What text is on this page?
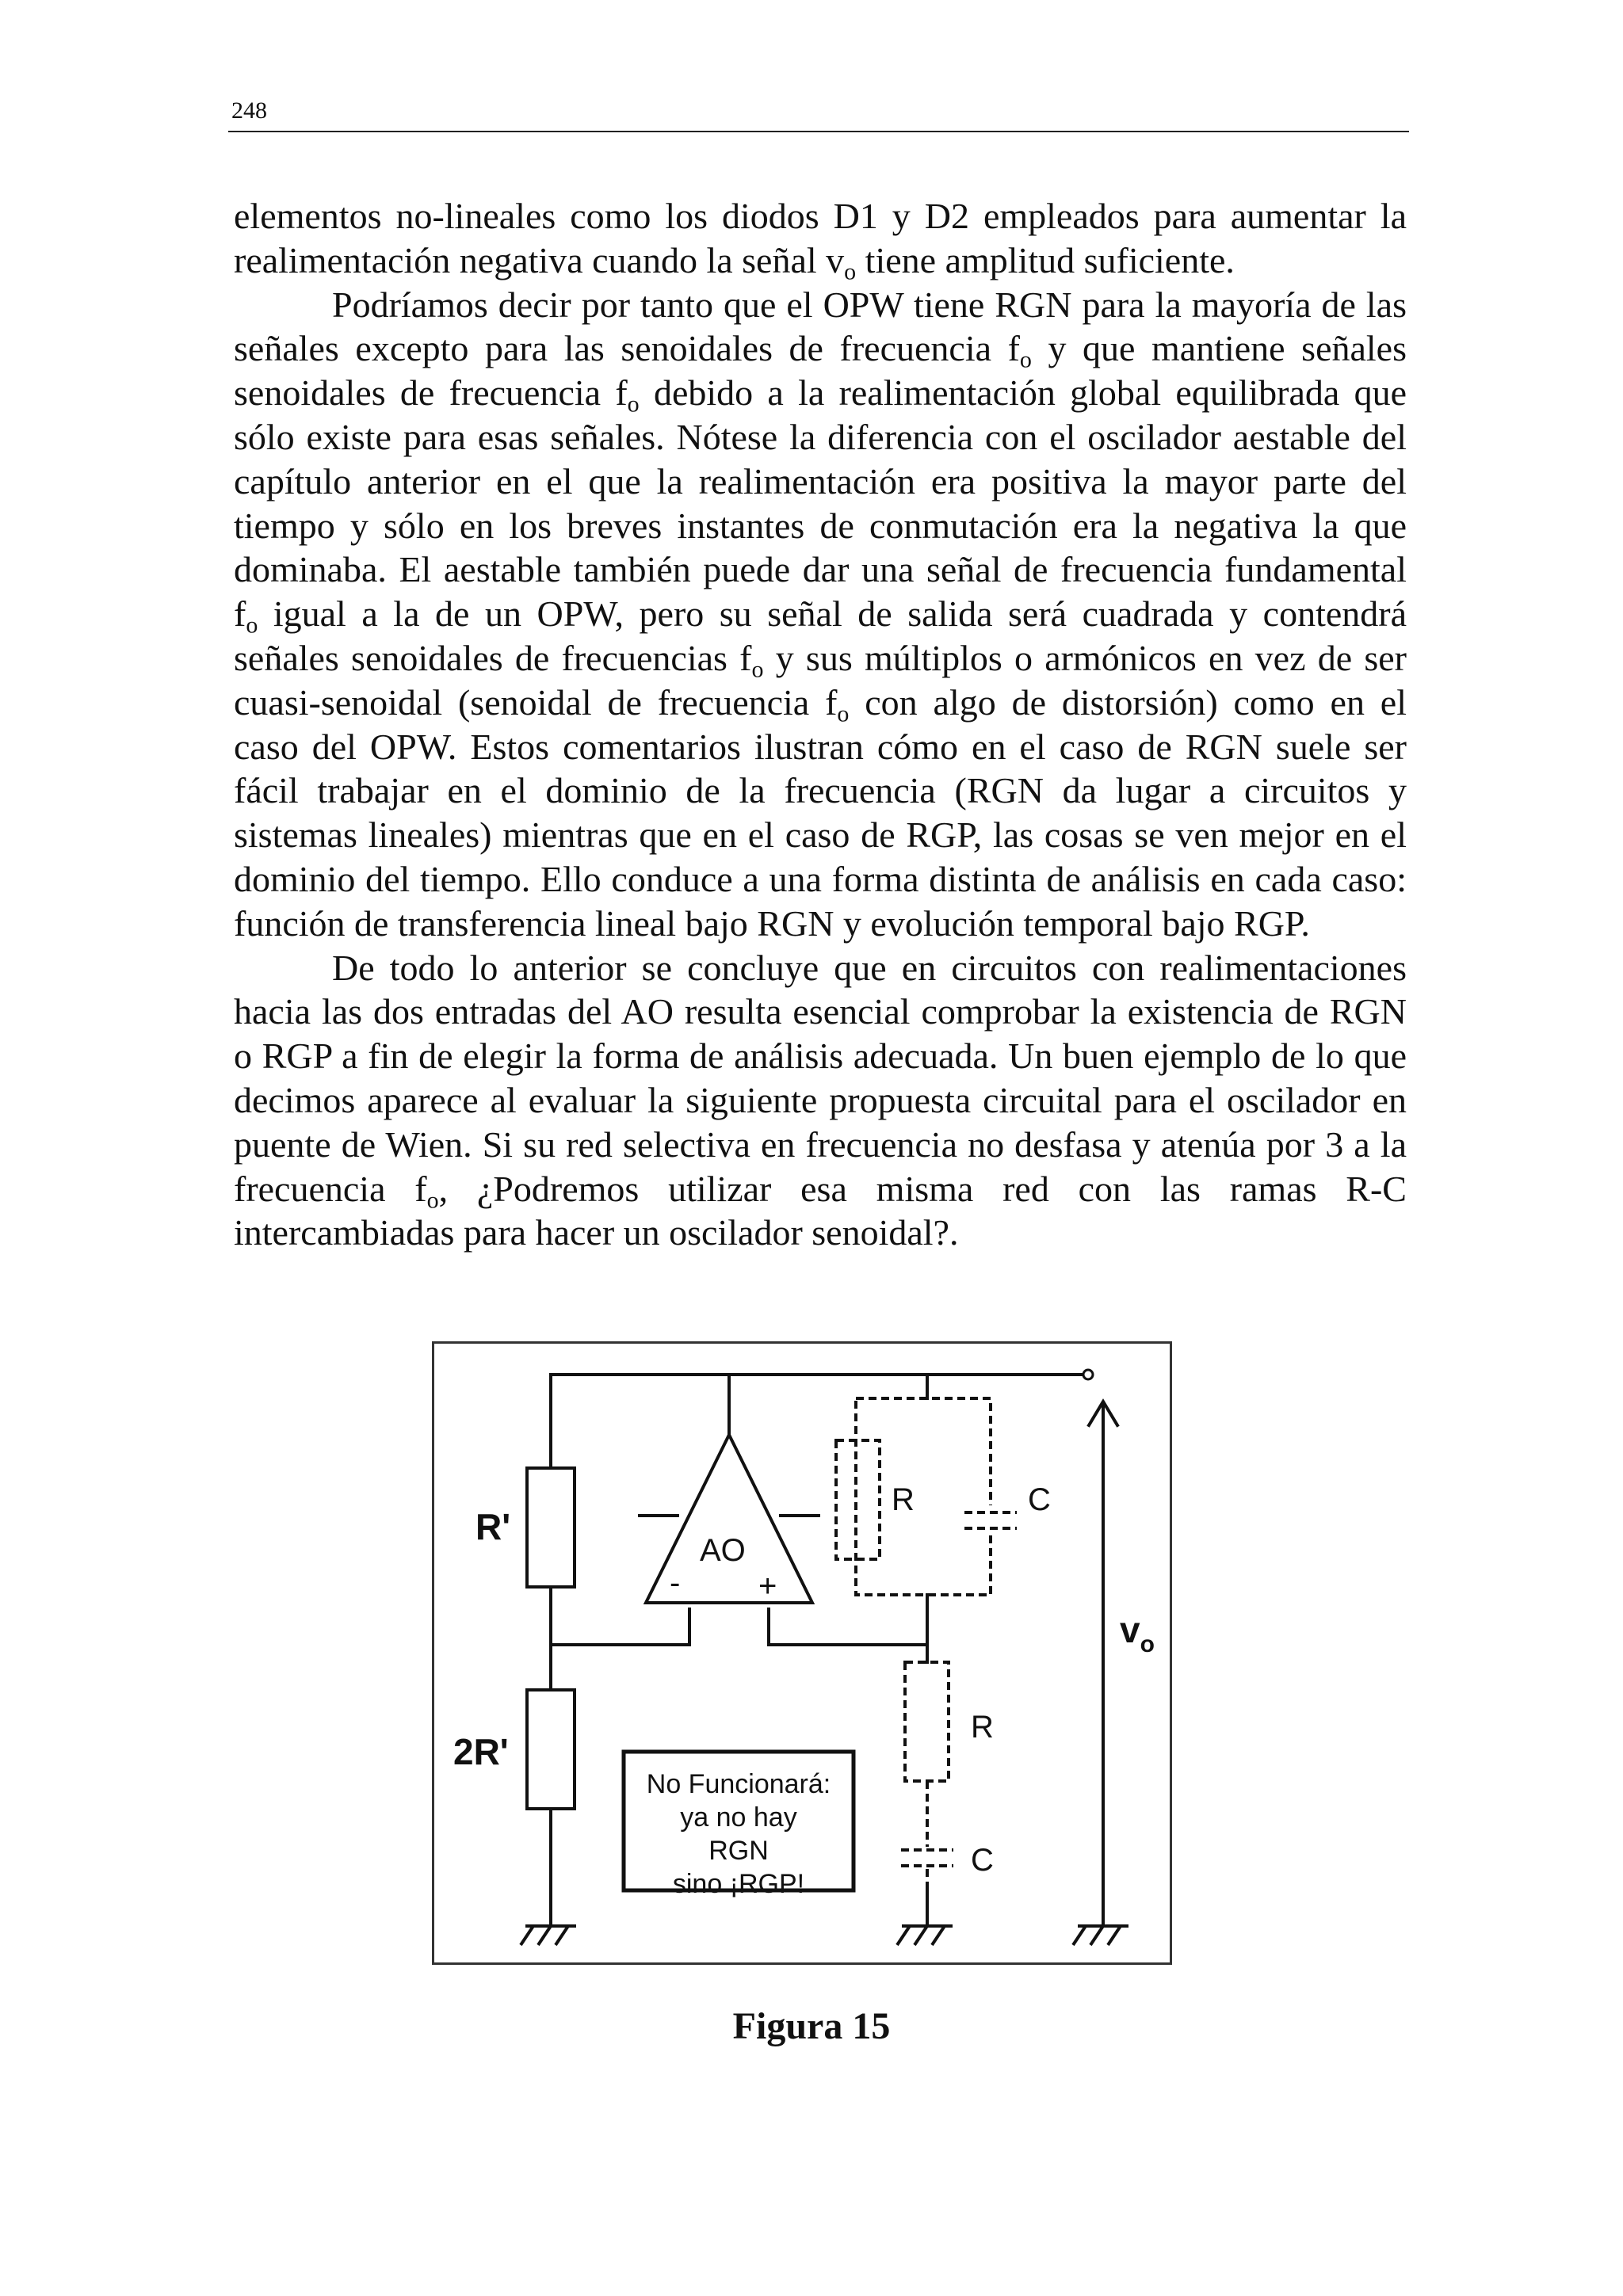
248

elementos no-lineales como los diodos D1 y D2 empleados para aumentar la realimentación negativa cuando la señal $v_o$ tiene amplitud suficiente.

Podríamos decir por tanto que el OPW tiene RGN para la mayoría de las señales excepto para las senoidales de frecuencia $f_o$ y que mantiene señales senoidales de frecuencia $f_o$ debido a la realimentación global equilibrada que sólo existe para esas señales. Nótese la diferencia con el oscilador aestable del capítulo anterior en el que la realimentación era positiva la mayor parte del tiempo y sólo en los breves instantes de conmutación era la negativa la que dominaba. El aestable también puede dar una señal de frecuencia fundamental $f_o$ igual a la de un OPW, pero su señal de salida será cuadrada y contendrá señales senoidales de frecuencias $f_o$ y sus múltiplos o armónicos en vez de ser cuasi-senoidal (senoidal de frecuencia $f_o$ con algo de distorsión) como en el caso del OPW. Estos comentarios ilustran cómo en el caso de RGN suele ser fácil trabajar en el dominio de la frecuencia (RGN da lugar a circuitos y sistemas lineales) mientras que en el caso de RGP, las cosas se ven mejor en el dominio del tiempo. Ello conduce a una forma distinta de análisis en cada caso: función de transferencia lineal bajo RGN y evolución temporal bajo RGP.

De todo lo anterior se concluye que en circuitos con realimentaciones hacia las dos entradas del AO resulta esencial comprobar la existencia de RGN o RGP a fin de elegir la forma de análisis adecuada. Un buen ejemplo de lo que decimos aparece al evaluar la siguiente propuesta circuital para el oscilador en puente de Wien. Si su red selectiva en frecuencia no desfasa y atenúa por 3 a la frecuencia $f_o$, ¿Podremos utilizar esa misma red con las ramas R-C intercambiadas para hacer un oscilador senoidal?.

R'
2R'
AO
- +
R	C
R
C
$v_o$
No Funcionará:
ya no hay
RGN
sino ¡RGP!
Figura 15
